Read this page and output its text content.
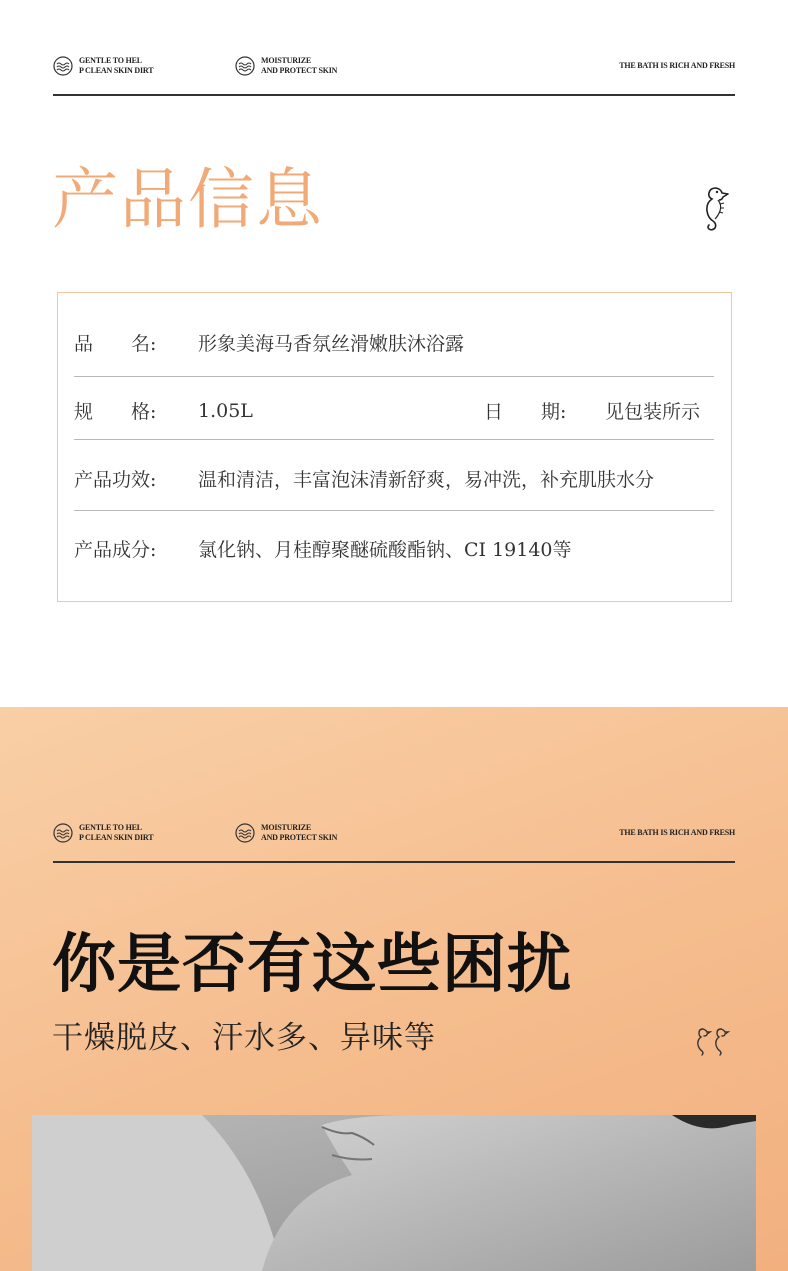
GENTLE TO HEL
P CLEAN SKIN DIRT
MOISTURIZE
AND PROTECT SKIN
THE BATH IS RICH AND FRESH
产品信息
品　　名:	形象美海马香氛丝滑嫩肤沐浴露
规　　格:	1.05L	日　　期: 见包装所示
产品功效:	温和清洁，丰富泡沫清新舒爽，易冲洗，补充肌肤水分
产品成分:	氯化钠、月桂醇聚醚硫酸酯钠、CI 19140等
GENTLE TO HEL
P CLEAN SKIN DIRT
MOISTURIZE
AND PROTECT SKIN
THE BATH IS RICH AND FRESH
你是否有这些困扰
干燥脱皮、汗水多、异味等
